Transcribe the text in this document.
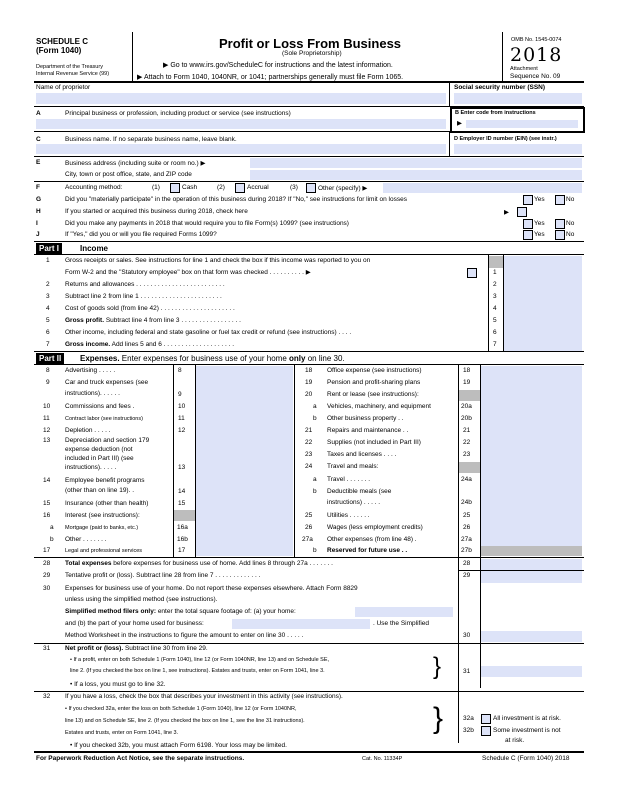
SCHEDULE C
(Form 1040)
Department of the Treasury
Internal Revenue Service (99)
Profit or Loss From Business
(Sole Proprietorship)
▶ Go to www.irs.gov/ScheduleC for instructions and the latest information.
▶ Attach to Form 1040, 1040NR, or 1041; partnerships generally must file Form 1065.
OMB No. 1545-0074
2018
Attachment
Sequence No. 09
Name of proprietor	Social security number (SSN)
A	Principal business or profession, including product or service (see instructions)	B Enter code from instructions
▶
C	Business name. If no separate business name, leave blank.	D Employer ID number (EIN) (see instr.)
E	Business address (including suite or room no.) ▶
City, town or post office, state, and ZIP code
F	Accounting method:	(1)	Cash	(2)	Accrual	(3)	Other (specify) ▶
G	Did you "materially participate" in the operation of this business during 2018? If "No," see instructions for limit on losses	Yes	No
H	If you started or acquired this business during 2018, check here	▶
I	Did you make any payments in 2018 that would require you to file Form(s) 1099? (see instructions)	Yes	No
J	If "Yes," did you or will you file required Forms 1099?	Yes	No
Part I	Income
1 Gross receipts or sales. See instructions for line 1 and check the box if this income was reported to you on
Form W-2 and the "Statutory employee" box on that form was checked . . . . . . . . . . ▶	1
2 Returns and allowances . . . . . . . . . . . . . . . . . . . . . . . . .	2
3 Subtract line 2 from line 1 . . . . . . . . . . . . . . . . . . . . . . .	3
4 Cost of goods sold (from line 42) . . . . . . . . . . . . . . . . . . . . .	4
5 Gross profit. Subtract line 4 from line 3 . . . . . . . . . . . . . . . . .	5
6 Other income, including federal and state gasoline or fuel tax credit or refund (see instructions) . . . .	6
7 Gross income. Add lines 5 and 6 . . . . . . . . . . . . . . . . . . . .	7
Part II	Expenses. Enter expenses for business use of your home only on line 30.
8 Advertising . . . . .	8
9 Car and truck expenses (see
instructions). . . . . .	9
10 Commissions and fees .	10
11	Contract labor (see instructions)	11
12 Depletion . . . . .	12
13 Depreciation and section 179
expense deduction (not
included in Part III) (see
instructions). . . . .	13
14 Employee benefit programs
(other than on line 19). .	14
15 Insurance (other than health)	15
16 Interest (see instructions):
a Mortgage (paid to banks, etc.)	16a
b Other . . . . . . .	16b
17	Legal and professional services	17
18 Office expense (see instructions)	18
19 Pension and profit-sharing plans	19
20 Rent or lease (see instructions):
a Vehicles, machinery, and equipment	20a
b Other business property . .	20b
21 Repairs and maintenance . .	21
22 Supplies (not included in Part III)	22
23 Taxes and licenses . . . .	23
24 Travel and meals:
a Travel . . . . . . .	24a
b Deductible meals (see
instructions) . . . . .	24b
25 Utilities . . . . . .	25
26 Wages (less employment credits)	26
27a Other expenses (from line 48) .	27a
b Reserved for future use . .	27b
28 Total expenses before expenses for business use of home. Add lines 8 through 27a . . . . . . .	28
29 Tentative profit or (loss). Subtract line 28 from line 7 . . . . . . . . . . . . .	29
30 Expenses for business use of your home. Do not report these expenses elsewhere. Attach Form 8829
unless using the simplified method (see instructions).
Simplified method filers only: enter the total square footage of: (a) your home:
and (b) the part of your home used for business:	. Use the Simplified
Method Worksheet in the instructions to figure the amount to enter on line 30 . . . . .	30
31 Net profit or (loss). Subtract line 30 from line 29.
• If a profit, enter on both Schedule 1 (Form 1040), line 12 (or Form 1040NR, line 13) and on Schedule SE,
line 2. (If you checked the box on line 1, see instructions). Estates and trusts, enter on Form 1041, line 3.
• If a loss, you must go to line 32.
}	31
32 If you have a loss, check the box that describes your investment in this activity (see instructions).
• If you checked 32a, enter the loss on both Schedule 1 (Form 1040), line 12 (or Form 1040NR,
line 13) and on Schedule SE, line 2. (If you checked the box on line 1, see the line 31 instructions).
Estates and trusts, enter on Form 1041, line 3.
• If you checked 32b, you must attach Form 6198. Your loss may be limited.
}	32a	All investment is at risk.
32b	Some investment is not
at risk.
For Paperwork Reduction Act Notice, see the separate instructions.	Cat. No. 11334P	Schedule C (Form 1040) 2018
